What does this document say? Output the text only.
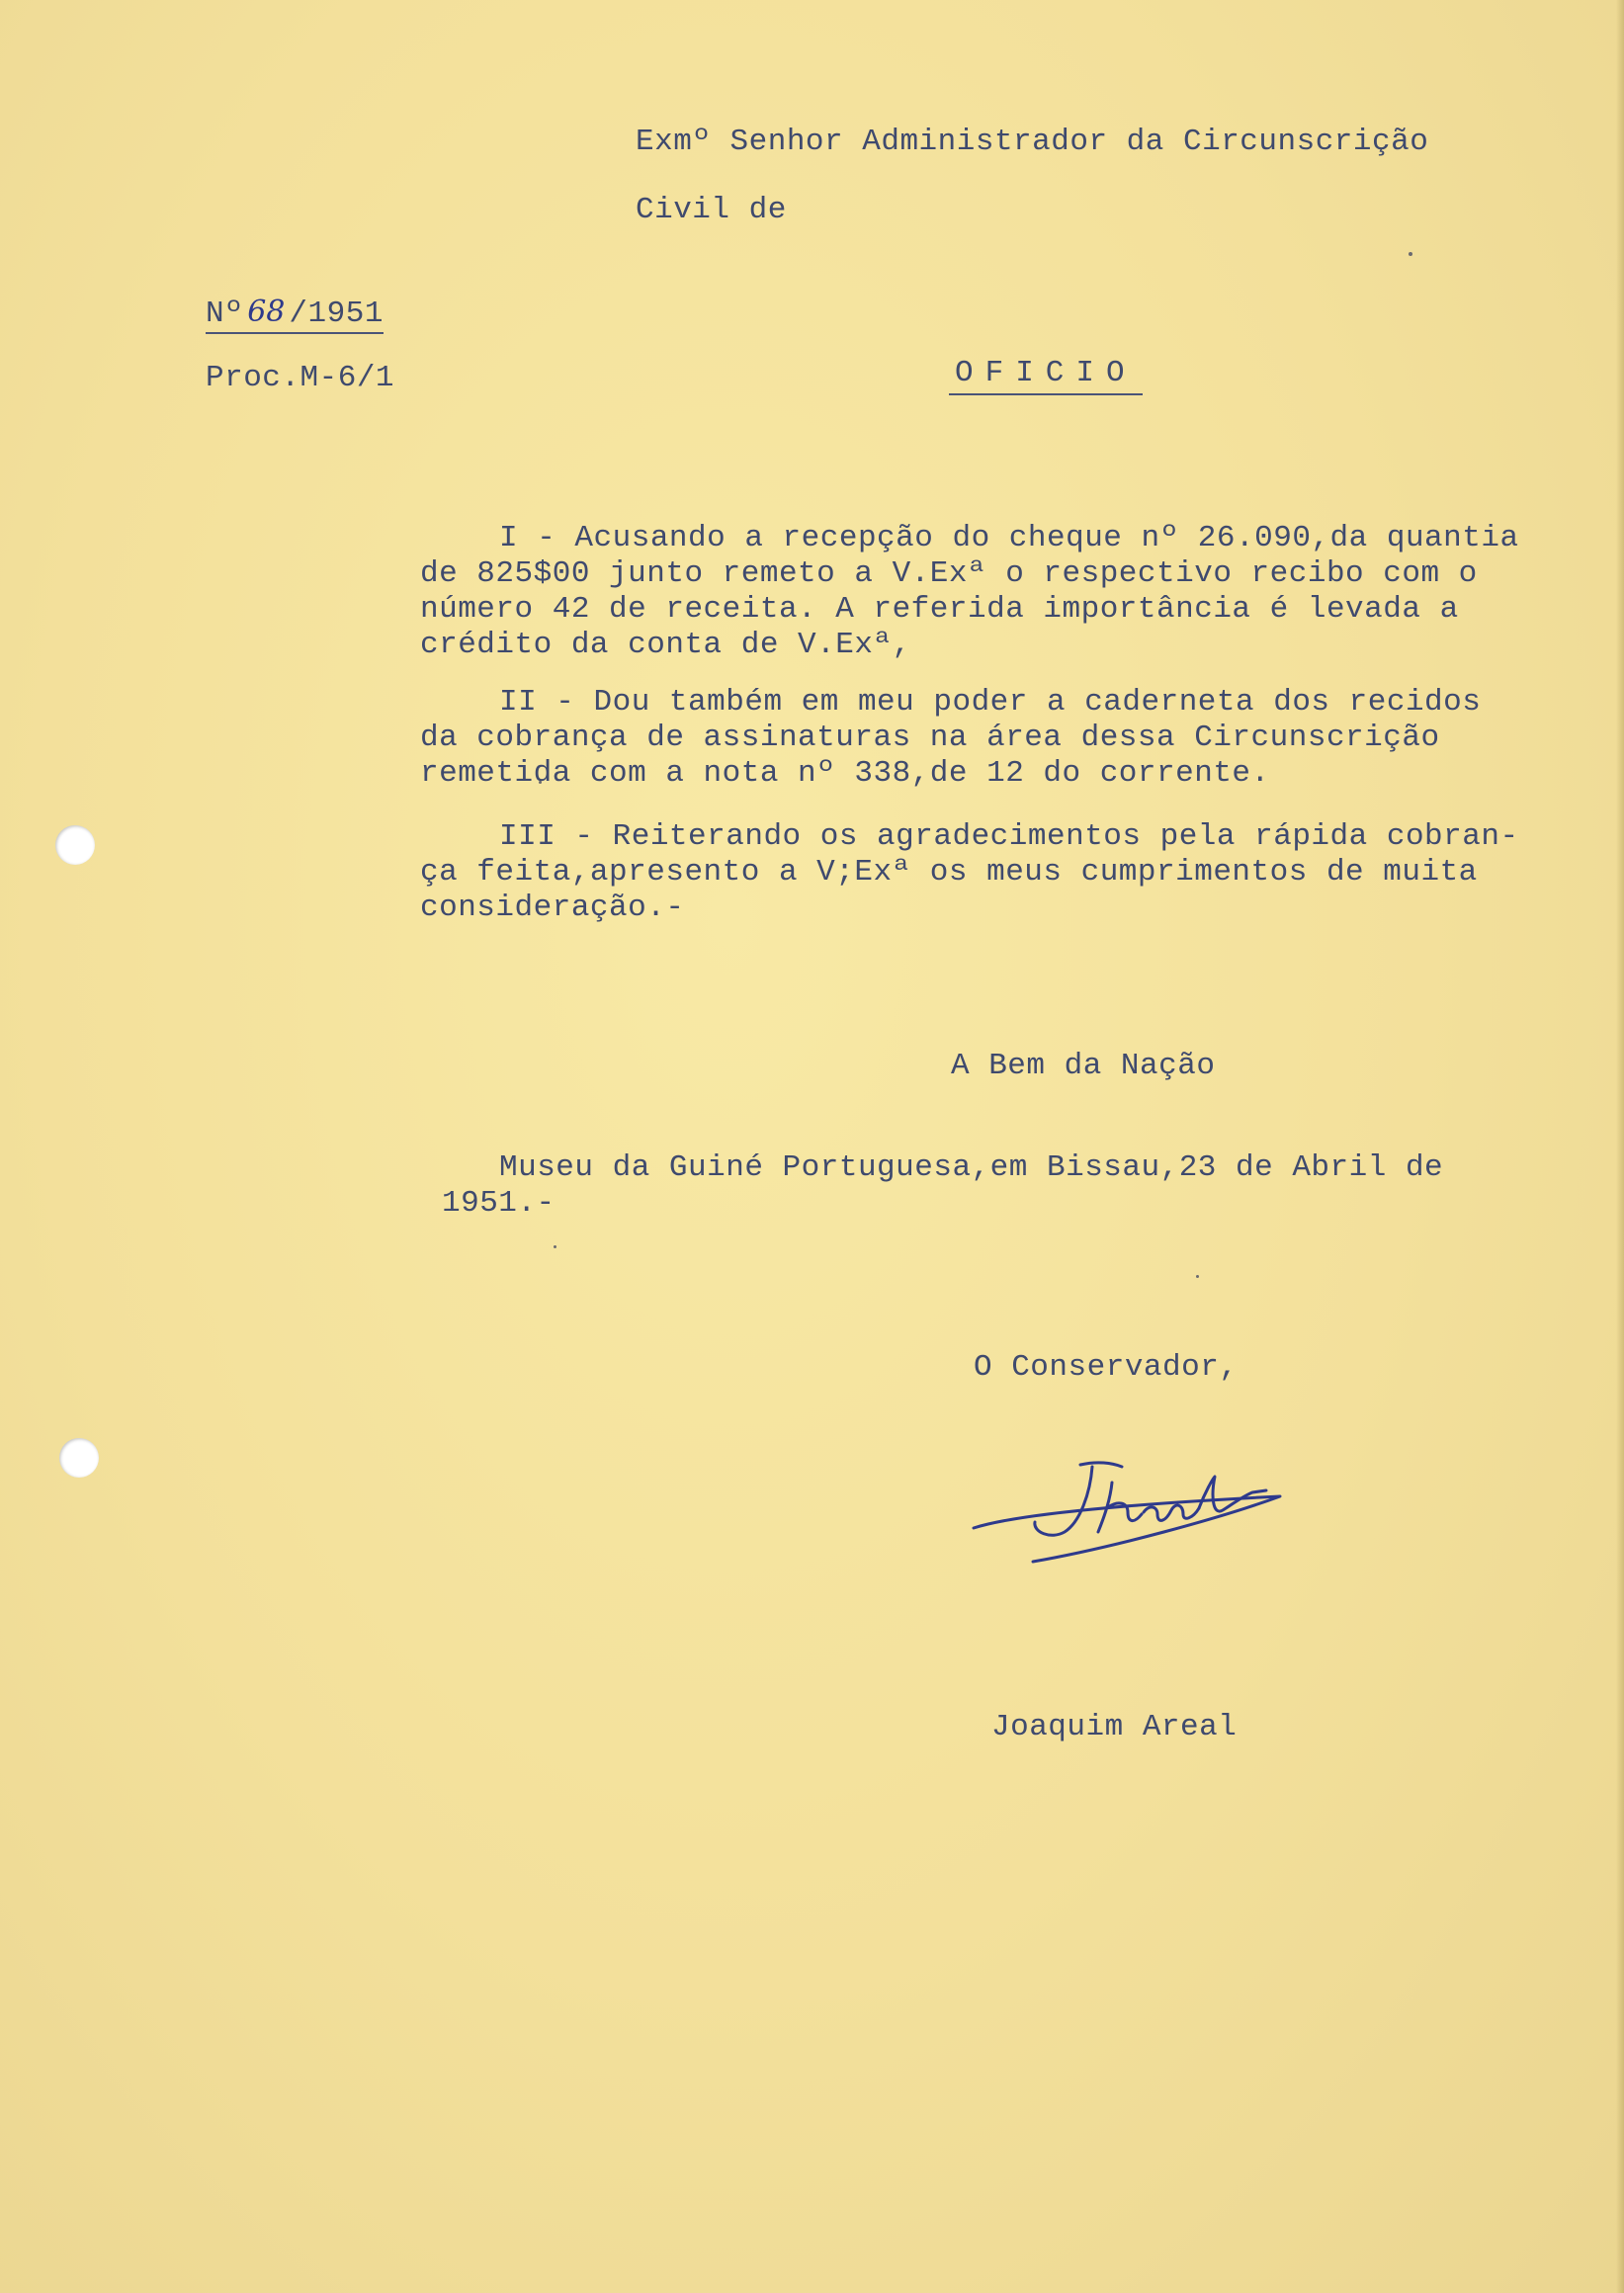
Exmº Senhor Administrador da Circunscrição
Civil de
Nº 68 /1951
Proc.M-6/1	OFICIO
I - Acusando a recepção do cheque nº 26.090,da quantia
de 825$00 junto remeto a V.Exª o respectivo recibo com o
número 42 de receita. A referida importância é levada a
crédito da conta de V.Exª,
II - Dou também em meu poder a caderneta dos recidos
da cobrança de assinaturas na área dessa Circunscrição
remetida com a nota nº 338,de 12 do corrente.
III - Reiterando os agradecimentos pela rápida cobran-
ça feita,apresento a V;Exª os meus cumprimentos de muita
consideração.-
A Bem da Nação
Museu da Guiné Portuguesa,em Bissau,23 de Abril de
1951.-
O Conservador,
Joaquim Areal
